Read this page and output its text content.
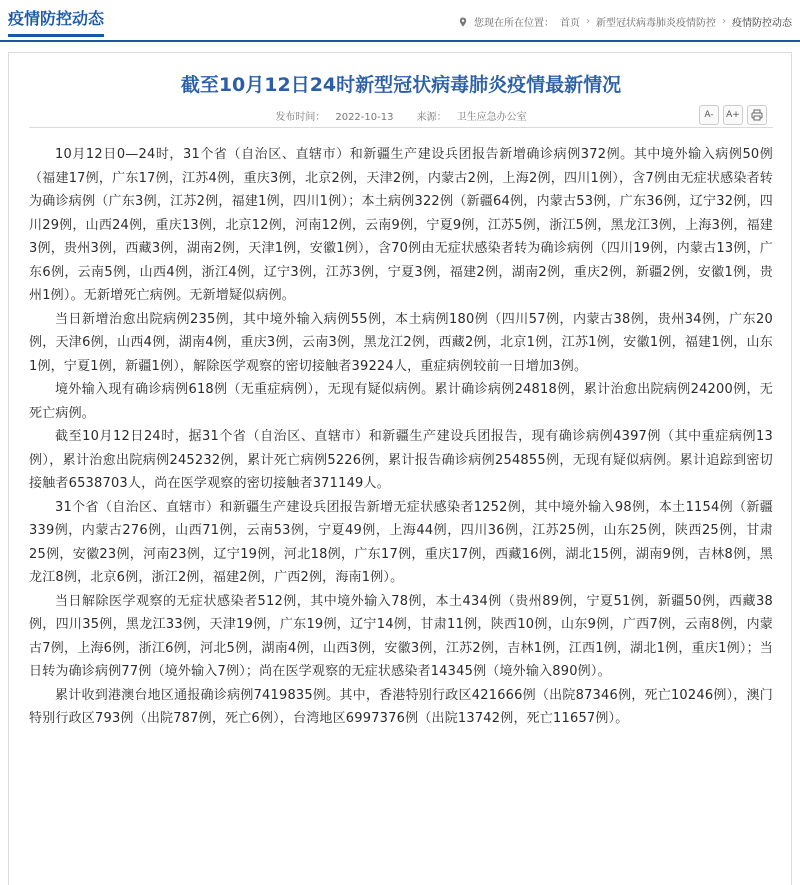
疫情防控动态	您现在所在位置： 首页 › 新型冠状病毒肺炎疫情防控 › 疫情防控动态
截至10月12日24时新型冠状病毒肺炎疫情最新情况
发布时间： 2022-10-13 来源： 卫生应急办公室	A-	A+

10月12日0—24时，31个省（自治区、直辖市）和新疆生产建设兵团报告新增确诊病例372例。其中境外输入病例50例（福建17例，广东17例，江苏4例，重庆3例，北京2例，天津2例，内蒙古2例，上海2例，四川1例），含7例由无症状感染者转为确诊病例（广东3例，江苏2例，福建1例，四川1例）；本土病例322例（新疆64例，内蒙古53例，广东36例，辽宁32例，四川29例，山西24例，重庆13例，北京12例，河南12例，云南9例，宁夏9例，江苏5例，浙江5例，黑龙江3例，上海3例，福建3例，贵州3例，西藏3例，湖南2例，天津1例，安徽1例），含70例由无症状感染者转为确诊病例（四川19例，内蒙古13例，广东6例，云南5例，山西4例，浙江4例，辽宁3例，江苏3例，宁夏3例，福建2例，湖南2例，重庆2例，新疆2例，安徽1例，贵州1例）。无新增死亡病例。无新增疑似病例。

当日新增治愈出院病例235例，其中境外输入病例55例，本土病例180例（四川57例，内蒙古38例，贵州34例，广东20例，天津6例，山西4例，湖南4例，重庆3例，云南3例，黑龙江2例，西藏2例，北京1例，江苏1例，安徽1例，福建1例，山东1例，宁夏1例，新疆1例），解除医学观察的密切接触者39224人，重症病例较前一日增加3例。

境外输入现有确诊病例618例（无重症病例），无现有疑似病例。累计确诊病例24818例，累计治愈出院病例24200例，无死亡病例。

截至10月12日24时，据31个省（自治区、直辖市）和新疆生产建设兵团报告，现有确诊病例4397例（其中重症病例13例），累计治愈出院病例245232例，累计死亡病例5226例，累计报告确诊病例254855例，无现有疑似病例。累计追踪到密切接触者6538703人，尚在医学观察的密切接触者371149人。

31个省（自治区、直辖市）和新疆生产建设兵团报告新增无症状感染者1252例，其中境外输入98例，本土1154例（新疆339例，内蒙古276例，山西71例，云南53例，宁夏49例，上海44例，四川36例，江苏25例，山东25例，陕西25例，甘肃25例，安徽23例，河南23例，辽宁19例，河北18例，广东17例，重庆17例，西藏16例，湖北15例，湖南9例，吉林8例，黑龙江8例，北京6例，浙江2例，福建2例，广西2例，海南1例）。

当日解除医学观察的无症状感染者512例，其中境外输入78例，本土434例（贵州89例，宁夏51例，新疆50例，西藏38例，四川35例，黑龙江33例，天津19例，广东19例，辽宁14例，甘肃11例，陕西10例，山东9例，广西7例，云南8例，内蒙古7例，上海6例，浙江6例，河北5例，湖南4例，山西3例，安徽3例，江苏2例，吉林1例，江西1例，湖北1例，重庆1例）；当日转为确诊病例77例（境外输入7例）；尚在医学观察的无症状感染者14345例（境外输入890例）。

累计收到港澳台地区通报确诊病例7419835例。其中，香港特别行政区421666例（出院87346例，死亡10246例），澳门特别行政区793例（出院787例，死亡6例），台湾地区6997376例（出院13742例，死亡11657例）。
